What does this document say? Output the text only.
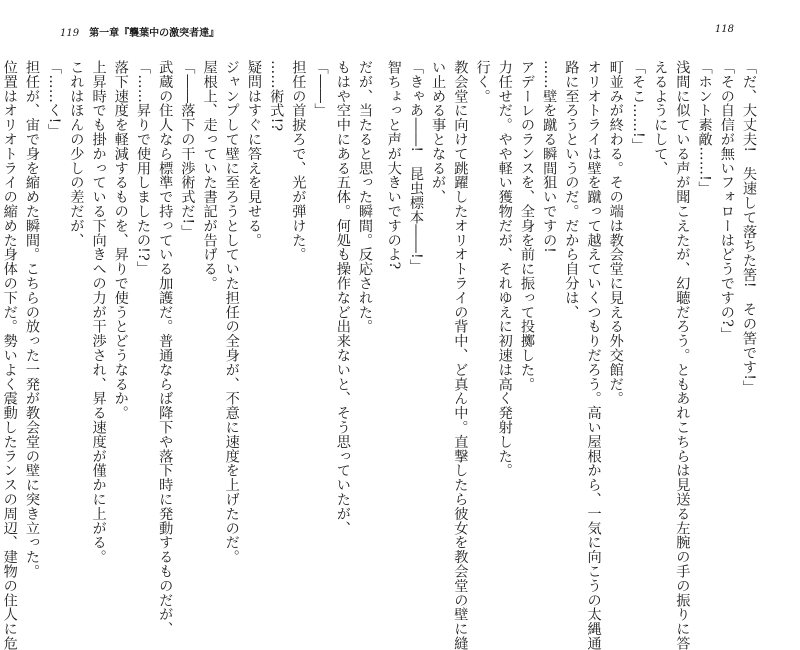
119 第一章『襲葉中の激突者達』

だが、当たると思った瞬間。反応された。

もはや空中にある五体。何処も操作など出来ないと、そう思っていたが、

「――」

担任の首捩ろで、光が弾けた。

……術式!?

疑問はすぐに答えを見せる。

ジャンプして壁に至ろうとしていた担任の全身が、不意に速度を上げたのだ。

屋根上、走っていた書記が告げる。

「――落下の干渉術式だ!」

武蔵の住人なら標準で持っている加護だ。普通ならば降下や落下時に発動するものだが、

「……昇りで使用しましたの!?」

落下速度を軽減するものを、昇りで使うとどうなるか。

上昇時でも掛かっている下向きへの力が干渉され、昇る速度が僅かに上がる。

これはほんの少しの差だが、

「……く!」

担任が、宙で身を縮めた瞬間。こちらの放った一発が教会堂の壁に突き立った。

位置はオリオトライの縮めた身体の下だ。勢いよく震動したランスの周辺、建物の住人に危

118

「だ、大丈夫!　失速して落ちた筈!　その筈です!」

「その自信が無いフォローはどうですの?」

「ホント素敵……!」

浅間に似ている声が聞こえたが、幻聴だろう。ともあれこちらは見送る左腕の手の振りに答

えるようにして、

「そこ……!」

町並みが終わる。その端は教会堂に見える外交館だ。

オリオトライは壁を蹴って越えていくつもりだろう。高い屋根から、一気に向こうの太縄通

路に至ろうというのだ。だから自分は、

……壁を蹴る瞬間狙いですの!

アデーレのランスを、全身を前に振って投擲した。

力任せだ。やや軽い獲物だが、それゆえに初速は高く発射した。

行く。

教会堂に向けて跳躍したオリオトライの背中、ど真ん中。直撃したら彼女を教会堂の壁に縫

い止める事となるが、

「きゃあ――!　昆虫標本――!」

智ちょっと声が大きいですのよ?
